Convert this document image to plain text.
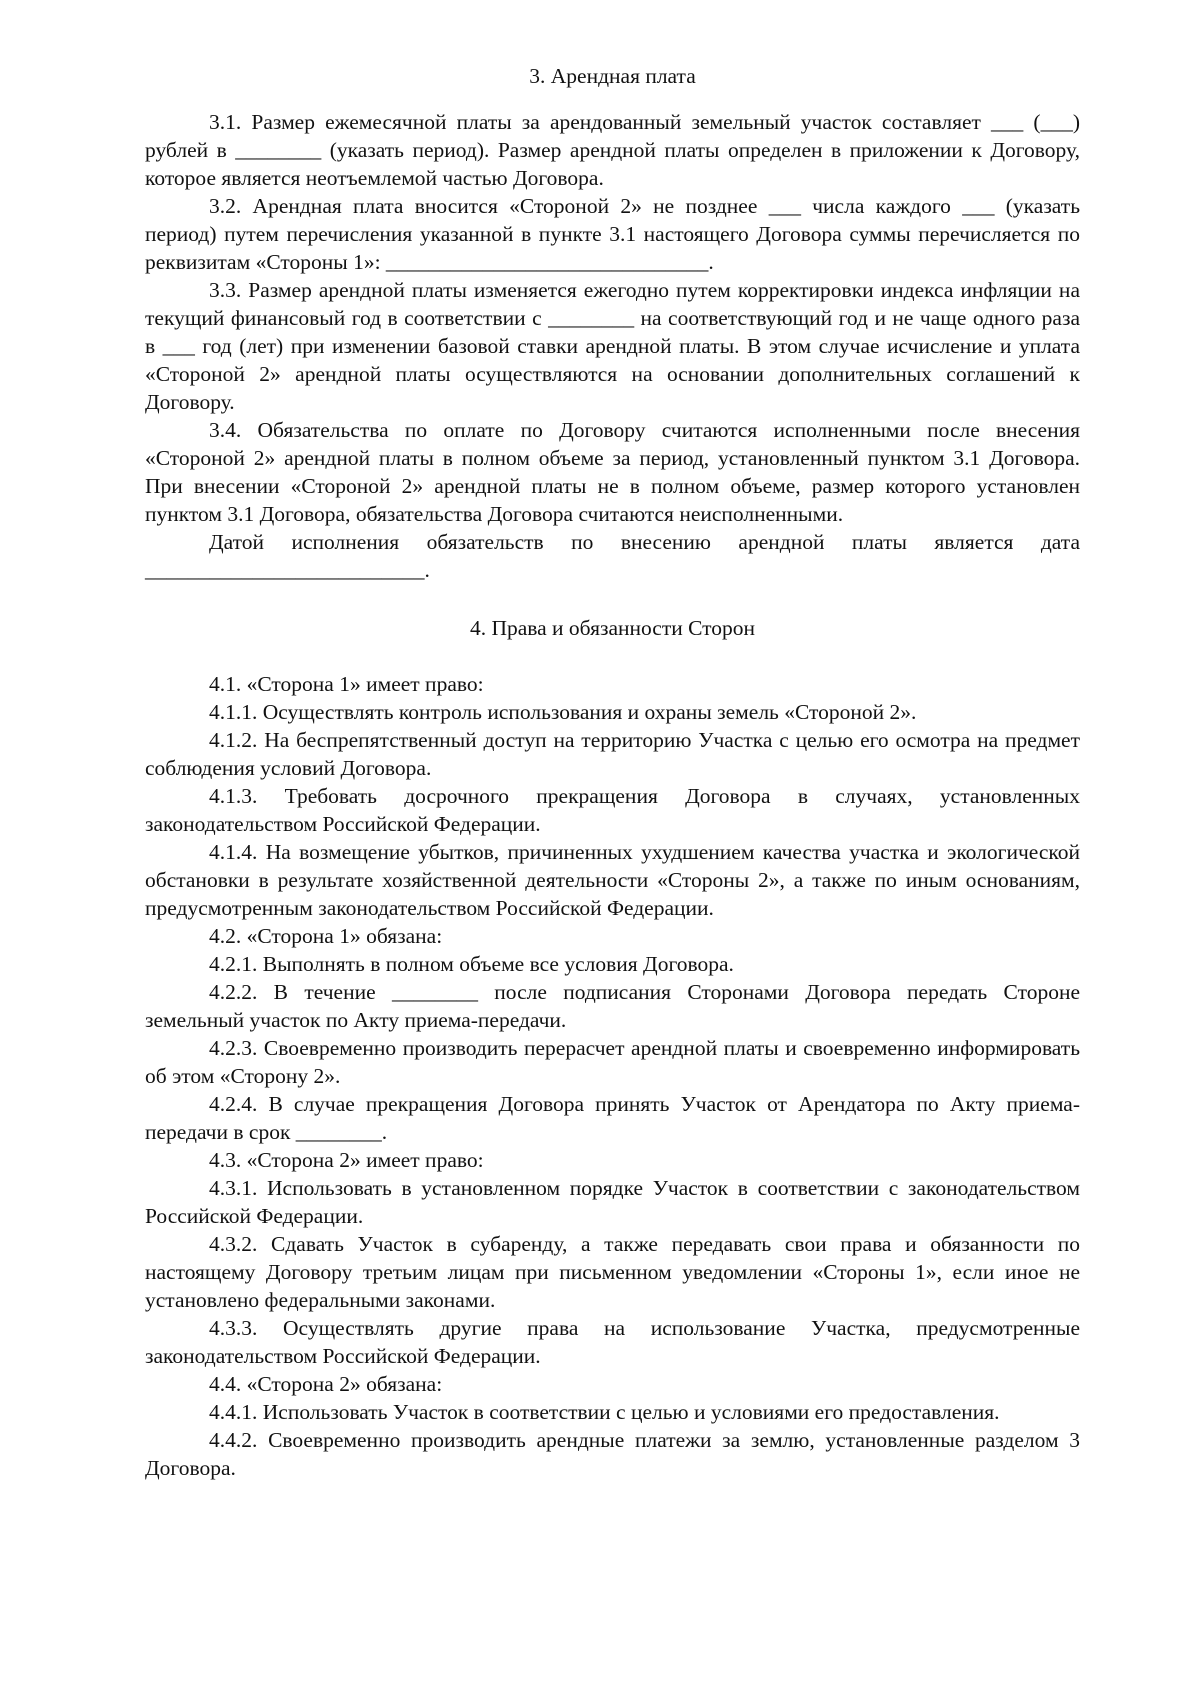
3. Арендная плата

3.1. Размер ежемесячной платы за арендованный земельный участок составляет ___ (___) рублей в ________ (указать период). Размер арендной платы определен в приложении к Договору, которое является неотъемлемой частью Договора.

3.2. Арендная плата вносится «Стороной 2» не позднее ___ числа каждого ___ (указать период) путем перечисления указанной в пункте 3.1 настоящего Договора суммы перечисляется по реквизитам «Стороны 1»: ______________________________.

3.3. Размер арендной платы изменяется ежегодно путем корректировки индекса инфляции на текущий финансовый год в соответствии с ________ на соответствующий год и не чаще одного раза в ___ год (лет) при изменении базовой ставки арендной платы. В этом случае исчисление и уплата «Стороной 2» арендной платы осуществляются на основании дополнительных соглашений к Договору.

3.4. Обязательства по оплате по Договору считаются исполненными после внесения «Стороной 2» арендной платы в полном объеме за период, установленный пунктом 3.1 Договора. При внесении «Стороной 2» арендной платы не в полном объеме, размер которого установлен пунктом 3.1 Договора, обязательства Договора считаются неисполненными.

Датой исполнения обязательств по внесению арендной платы является дата

__________________________.

4. Права и обязанности Сторон

4.1. «Сторона 1» имеет право:

4.1.1. Осуществлять контроль использования и охраны земель «Стороной 2».

4.1.2. На беспрепятственный доступ на территорию Участка с целью его осмотра на предмет соблюдения условий Договора.

4.1.3. Требовать досрочного прекращения Договора в случаях, установленных законодательством Российской Федерации.

4.1.4. На возмещение убытков, причиненных ухудшением качества участка и экологической обстановки в результате хозяйственной деятельности «Стороны 2», а также по иным основаниям, предусмотренным законодательством Российской Федерации.

4.2. «Сторона 1» обязана:

4.2.1. Выполнять в полном объеме все условия Договора.

4.2.2. В течение ________ после подписания Сторонами Договора передать Стороне земельный участок по Акту приема-передачи.

4.2.3. Своевременно производить перерасчет арендной платы и своевременно информировать об этом «Сторону 2».

4.2.4. В случае прекращения Договора принять Участок от Арендатора по Акту приема-передачи в срок ________.

4.3. «Сторона 2» имеет право:

4.3.1. Использовать в установленном порядке Участок в соответствии с законодательством Российской Федерации.

4.3.2. Сдавать Участок в субаренду, а также передавать свои права и обязанности по настоящему Договору третьим лицам при письменном уведомлении «Стороны 1», если иное не установлено федеральными законами.

4.3.3. Осуществлять другие права на использование Участка, предусмотренные законодательством Российской Федерации.

4.4. «Сторона 2» обязана:

4.4.1. Использовать Участок в соответствии с целью и условиями его предоставления.

4.4.2. Своевременно производить арендные платежи за землю, установленные разделом 3 Договора.
